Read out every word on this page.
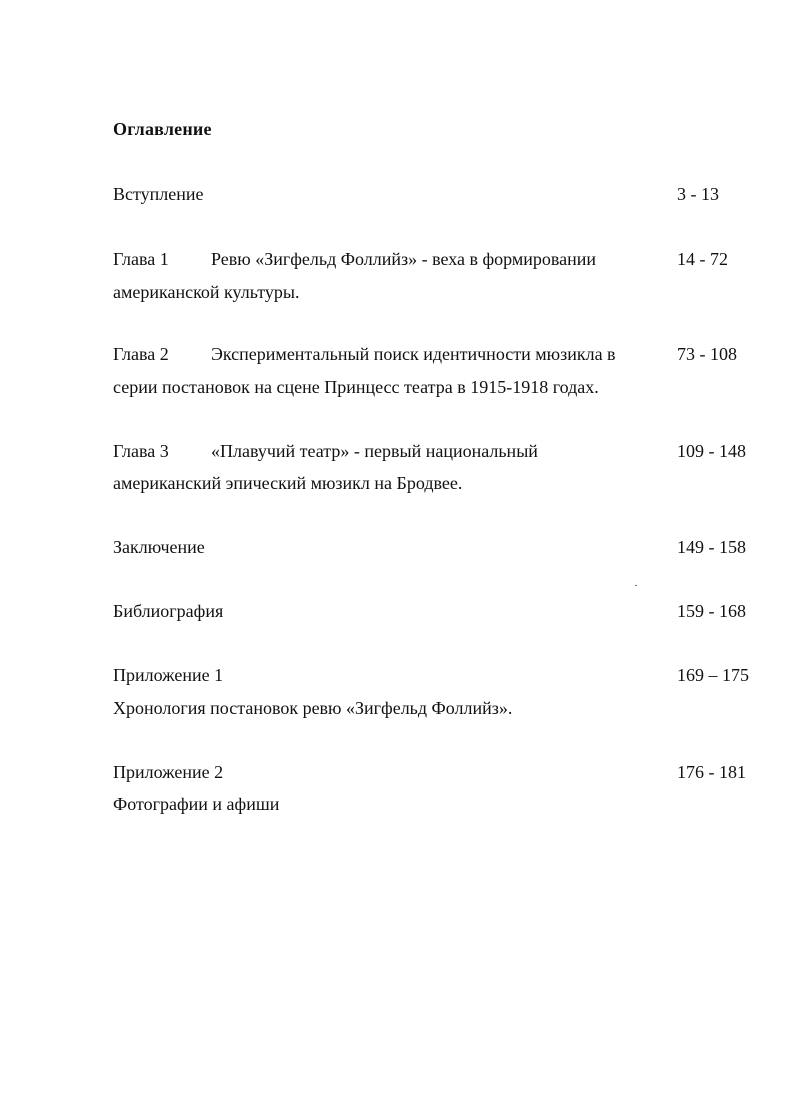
Оглавление
Вступление	3 - 13
Глава 1 Ревю «Зигфельд Фоллийз» - веха в формировании	14 - 72
американской культуры.
Глава 2 Экспериментальный поиск идентичности мюзикла в	73 - 108
серии постановок на сцене Принцесс театра в 1915-1918 годах.
Глава 3 «Плавучий театр» - первый национальный	109 - 148
американский эпический мюзикл на Бродвее.
Заключение	149 - 158
Библиография	159 - 168
Приложение 1	169 – 175
Хронология постановок ревю «Зигфельд Фоллийз».
Приложение 2	176 - 181
Фотографии и афиши
